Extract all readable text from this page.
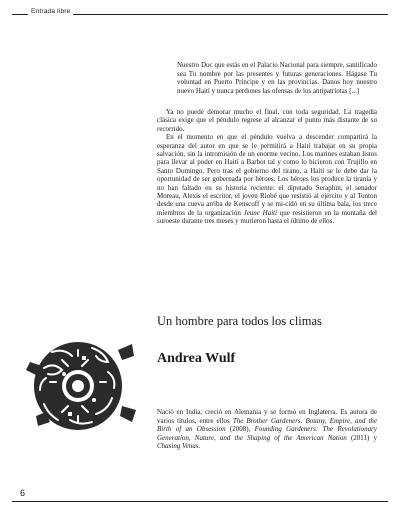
Entrada libre

Nuestro Doc que estás en el Palacio Nacional para siempre, santificado sea Tu nombre por las presentes y futuras generaciones. Hágase Tu voluntad en Puerto Príncipe y en las provincias. Danos hoy nuestro nuevo Haití y nunca perdones las ofensas de los antipatriotas [...]

Ya no puede demorar mucho el final, con toda seguridad. La tragedia clásica exige que el péndulo regrese al alcanzar el punto más distante de su recorrido.

En el momento en que el péndulo vuelva a descender compartirá la esperanza del autor en que se le permitirá a Haití trabajar en su propia salvación, sin la intromisión de un enorme vecino. Los marines estaban listos para llevar al poder en Haití a Barbot tal y como lo hicieron con Trujillo en Santo Domingo. Pero tras el gobierno del tirano, a Haití se le debe dar la oportunidad de ser gobernada por héroes. Los héroes los produce la tiranía y no han faltado en su historia reciente: el diputado Seraphin, el senador Moreau, Alexis el escritor, el joven Riobé que resistió al ejército y al Tonton desde una cueva arriba de Kenscoff y se mi-cidó en su última bala, los trece miembros de la organización Jeune Haiti que resistieron en la montaña del suroeste durante tres meses y murieron hasta el último de ellos.

Un hombre para todos los climas
Andrea Wulf

Nació en India, creció en Alemania y se formó en Inglaterra. Es autora de varios títulos, entre ellos The Brother Gardeners. Botany, Empire, and the Birth of an Obsession (2008), Founding Gardeners: The Revolutionary Generation, Nature, and the Shaping of the American Nation (2011) y Chasing Venus.

6
